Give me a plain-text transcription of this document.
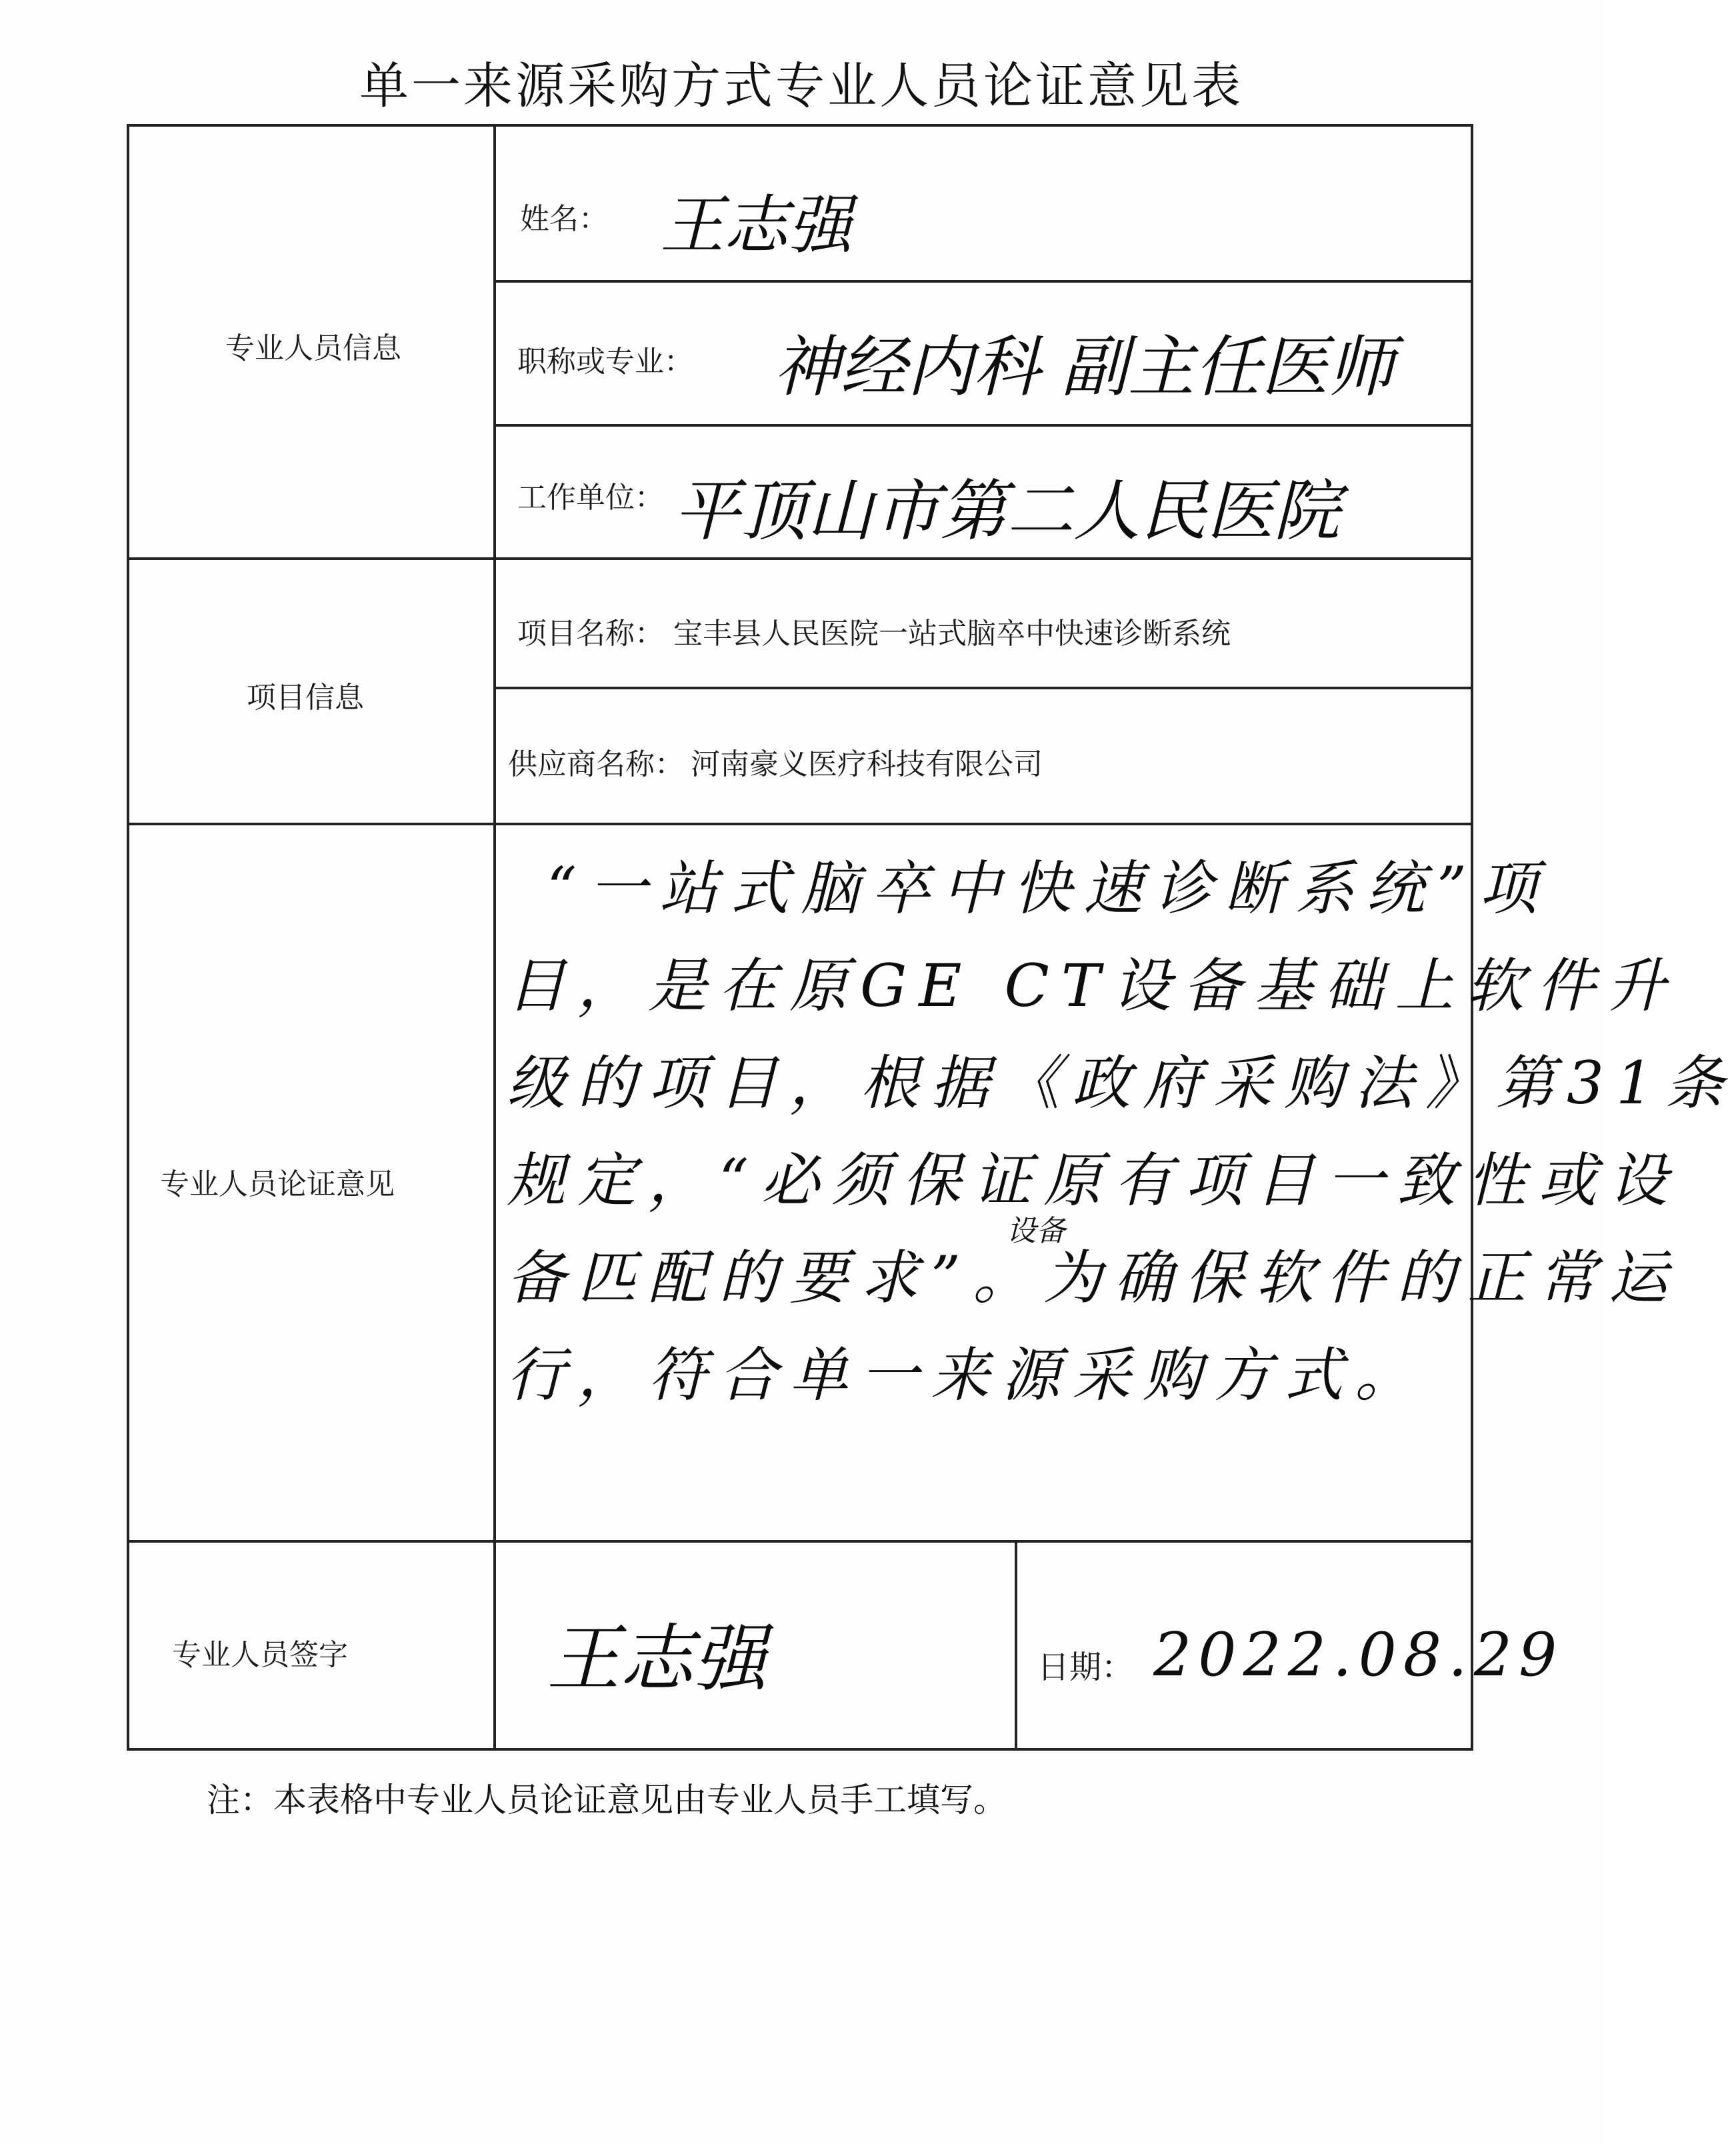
单一来源采购方式专业人员论证意见表
专业人员信息
项目信息
专业人员论证意见
专业人员签字
姓名： 王志强
职称或专业： 神经内科 副主任医师
工作单位： 平顶山市第二人民医院
项目名称： 宝丰县人民医院一站式脑卒中快速诊断系统
供应商名称： 河南豪义医疗科技有限公司
“一站式脑卒中快速诊断系统”项
目，是在原GE CT设备基础上软件升
级的项目，根据《政府采购法》第31条
规定，“必须保证原有项目一致性或设
备匹配的要求”。为确保软件的正常运
行，符合单一来源采购方式。
设备
王志强	日期： 2022.08.29
注：本表格中专业人员论证意见由专业人员手工填写。
